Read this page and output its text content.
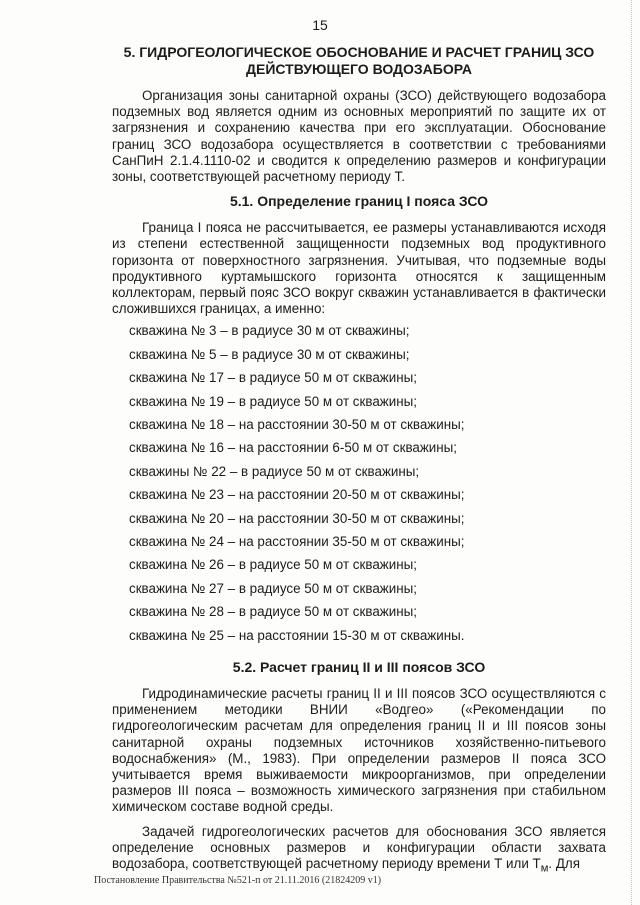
15
5. ГИДРОГЕОЛОГИЧЕСКОЕ ОБОСНОВАНИЕ И РАСЧЕТ ГРАНИЦ ЗСО ДЕЙСТВУЮЩЕГО ВОДОЗАБОРА

Организация зоны санитарной охраны (ЗСО) действующего водозабора подземных вод является одним из основных мероприятий по защите их от загрязнения и сохранению качества при его эксплуатации. Обоснование границ ЗСО водозабора осуществляется в соответствии с требованиями СанПиН 2.1.4.1110-02 и сводится к определению размеров и конфигурации зоны, соответствующей расчетному периоду Т.

5.1. Определение границ I пояса ЗСО

Граница I пояса не рассчитывается, ее размеры устанавливаются исходя из степени естественной защищенности подземных вод продуктивного горизонта от поверхностного загрязнения. Учитывая, что подземные воды продуктивного куртамышского горизонта относятся к защищенным коллекторам, первый пояс ЗСО вокруг скважин устанавливается в фактически сложившихся границах, а именно:

скважина № 3 – в радиусе 30 м от скважины;
скважина № 5 – в радиусе 30 м от скважины;
скважина № 17 – в радиусе 50 м от скважины;
скважина № 19 – в радиусе 50 м от скважины;
скважина № 18 – на расстоянии 30-50 м от скважины;
скважина № 16 – на расстоянии 6-50 м от скважины;
скважины № 22 – в радиусе 50 м от скважины;
скважина № 23 – на расстоянии 20-50 м от скважины;
скважина № 20 – на расстоянии 30-50 м от скважины;
скважина № 24 – на расстоянии 35-50 м от скважины;
скважина № 26 – в радиусе 50 м от скважины;
скважина № 27 – в радиусе 50 м от скважины;
скважина № 28 – в радиусе 50 м от скважины;
скважина № 25 – на расстоянии 15-30 м от скважины.
5.2. Расчет границ II и III поясов ЗСО

Гидродинамические расчеты границ II и III поясов ЗСО осуществляются с применением методики ВНИИ «Водгео» («Рекомендации по гидрогеологическим расчетам для определения границ II и III поясов зоны санитарной охраны подземных источников хозяйственно-питьевого водоснабжения» (М., 1983). При определении размеров II пояса ЗСО учитывается время выживаемости микроорганизмов, при определении размеров III пояса – возможность химического загрязнения при стабильном химическом составе водной среды.

Задачей гидрогеологических расчетов для обоснования ЗСО является определение основных размеров и конфигурации области захвата водозабора, соответствующей расчетному периоду времени Т или $Т_м$. Для

Постановление Правительства №521-п от 21.11.2016 (21824209 v1)
